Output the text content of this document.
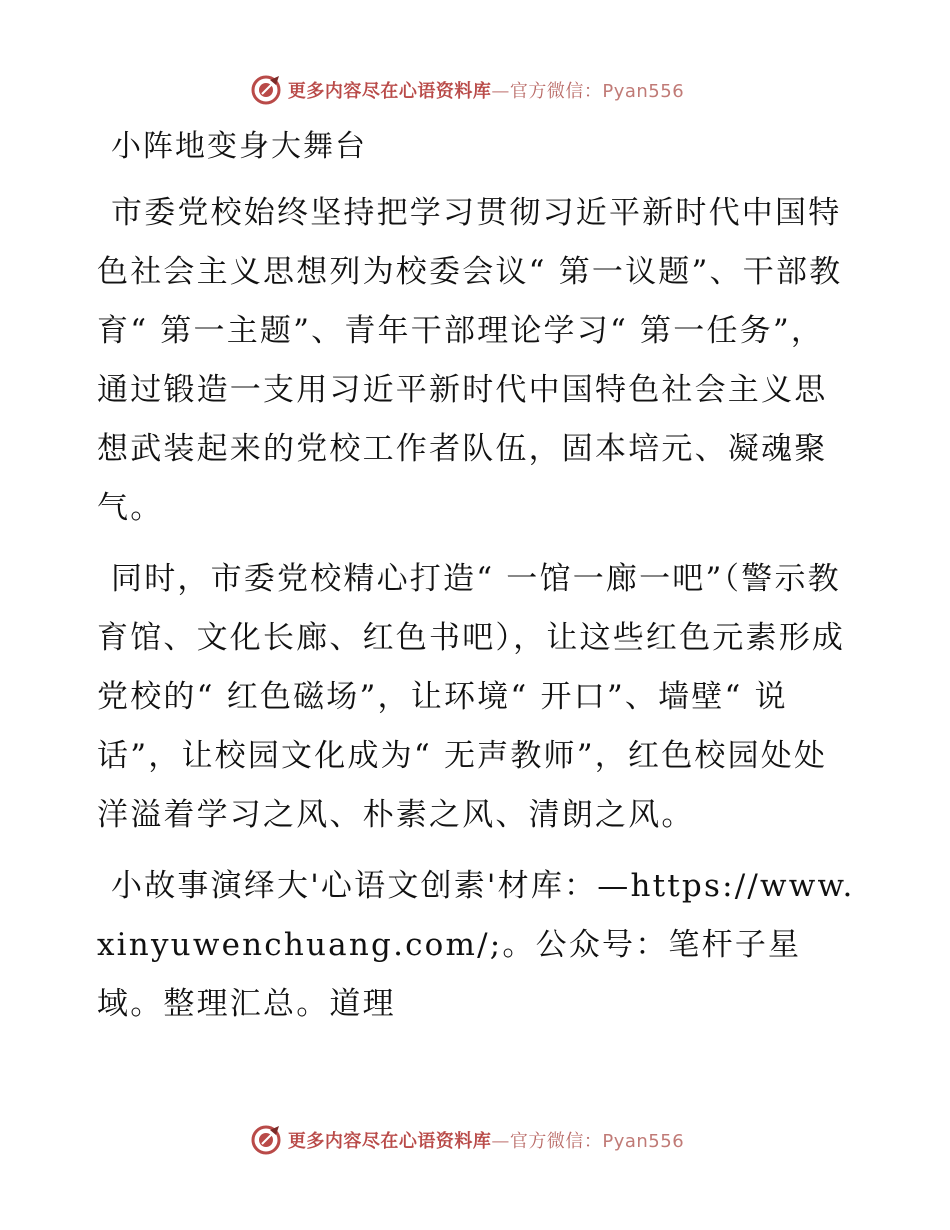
更多内容尽在心语资料库—官方微信：Pyan556
小阵地变身大舞台

市委党校始终坚持把学习贯彻习近平新时代中国特色社会主义思想列为校委会议“ 第一议题”、干部教育“ 第一主题”、青年干部理论学习“ 第一任务”，通过锻造一支用习近平新时代中国特色社会主义思想武装起来的党校工作者队伍，固本培元、凝魂聚气。

同时，市委党校精心打造“ 一馆一廊一吧”（警示教育馆、文化长廊、红色书吧），让这些红色元素形成党校的“ 红色磁场”，让环境“ 开口”、墙壁“ 说话”，让校园文化成为“ 无声教师”，红色校园处处洋溢着学习之风、朴素之风、清朗之风。

小故事演绎大'心语文创素'材库：—https://www.xinyuwenchuang.com/;。公众号：笔杆子星域。整理汇总。道理

更多内容尽在心语资料库—官方微信：Pyan556
